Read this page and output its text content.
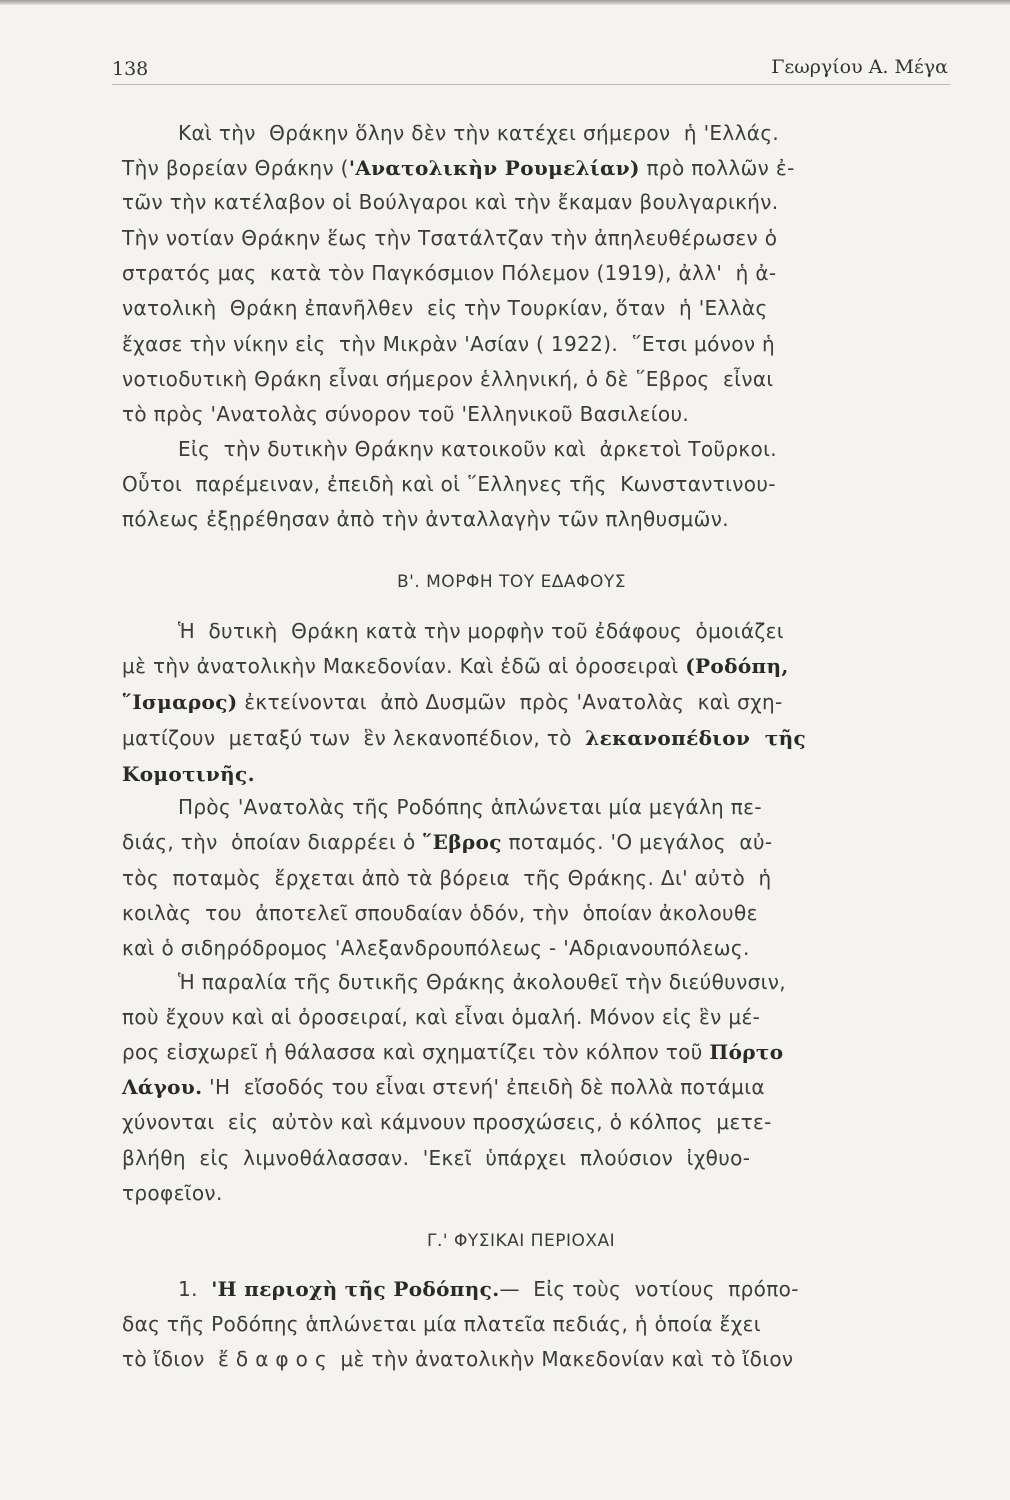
138	Γεωργίου Α. Μέγα
Καὶ τὴν  Θράκην ὅλην δὲν τὴν κατέχει σήμερον  ἡ 'Ελλάς.
Τὴν βορείαν Θράκην ('Ανατολικὴν Ρουμελίαν) πρὸ πολλῶν ἐ-
τῶν τὴν κατέλαβον οἱ Βούλγαροι καὶ τὴν ἔκαμαν βουλγαρικήν.
Τὴν νοτίαν Θράκην ἕως τὴν Τσατάλτζαν τὴν ἀπηλευθέρωσεν ὁ
στρατός μας  κατὰ τὸν Παγκόσμιον Πόλεμον (1919), ἀλλ'  ἡ ἀ-
νατολικὴ  Θράκη ἐπανῆλθεν  εἰς τὴν Τουρκίαν, ὅταν  ἡ 'Ελλὰς
ἔχασε τὴν νίκην εἰς  τὴν Μικρὰν 'Ασίαν ( 1922).  ῞Ετσι μόνον ἡ
νοτιοδυτικὴ Θράκη εἶναι σήμερον ἑλληνική, ὁ δὲ ῞Εβρος  εἶναι
τὸ πρὸς 'Ανατολὰς σύνορον τοῦ 'Ελληνικοῦ Βασιλείου.
Εἰς  τὴν δυτικὴν Θράκην κατοικοῦν καὶ  ἀρκετοὶ Τοῦρκοι.
Οὗτοι  παρέμειναν, ἐπειδὴ καὶ οἱ ῞Ελληνες τῆς  Κωνσταντινου-
πόλεως ἐξῃρέθησαν ἀπὸ τὴν ἀνταλλαγὴν τῶν πληθυσμῶν.
Β'. ΜΟΡΦΗ ΤΟΥ ΕΔΑΦΟΥΣ
Ἡ  δυτικὴ  Θράκη κατὰ τὴν μορφὴν τοῦ ἐδάφους  ὁμοιάζει
μὲ τὴν ἀνατολικὴν Μακεδονίαν. Καὶ ἐδῶ αἱ ὀροσειραὶ (Ροδόπη,
῞Ισμαρος) ἐκτείνονται  ἀπὸ Δυσμῶν  πρὸς 'Ανατολὰς  καὶ σχη-
ματίζουν  μεταξύ των  ἓν λεκανοπέδιον, τὸ  λεκανοπέδιον  τῆς
Κομοτινῆς.
Πρὸς 'Ανατολὰς τῆς Ροδόπης ἁπλώνεται μία μεγάλη πε-
διάς, τὴν  ὁποίαν διαρρέει ὁ ῞Εβρος ποταμός. 'Ο μεγάλος  αὐ-
τὸς  ποταμὸς  ἔρχεται ἀπὸ τὰ βόρεια  τῆς Θράκης. Δι' αὐτὸ  ἡ
κοιλὰς  του  ἀποτελεῖ σπουδαίαν ὁδόν, τὴν  ὁποίαν ἀκολουθε
καὶ ὁ σιδηρόδρομος 'Αλεξανδρουπόλεως - 'Αδριανουπόλεως.
Ἡ παραλία τῆς δυτικῆς Θράκης ἀκολουθεῖ τὴν διεύθυνσιν,
ποὺ ἔχουν καὶ αἱ ὀροσειραί, καὶ εἶναι ὁμαλή. Μόνον εἰς ἓν μέ-
ρος εἰσχωρεῖ ἡ θάλασσα καὶ σχηματίζει τὸν κόλπον τοῦ Πόρτο
Λάγου. 'Η  εἴσοδός του εἶναι στενή' ἐπειδὴ δὲ πολλὰ ποτάμια
χύνονται  εἰς  αὐτὸν καὶ κάμνουν προσχώσεις, ὁ κόλπος  μετε-
βλήθη  εἰς  λιμνοθάλασσαν.  'Εκεῖ  ὑπάρχει  πλούσιον  ἰχθυο-
τροφεῖον.
Γ.' ΦΥΣΙΚΑΙ ΠΕΡΙΟΧΑΙ
1.  'Η περιοχὴ τῆς Ροδόπης.—  Εἰς τοὺς  νοτίους  πρόπο-
δας τῆς Ροδόπης ἁπλώνεται μία πλατεῖα πεδιάς, ἡ ὁποία ἔχει
τὸ ἴδιον  ἔ δ α φ ο ς  μὲ τὴν ἀνατολικὴν Μακεδονίαν καὶ τὸ ἴδιον
